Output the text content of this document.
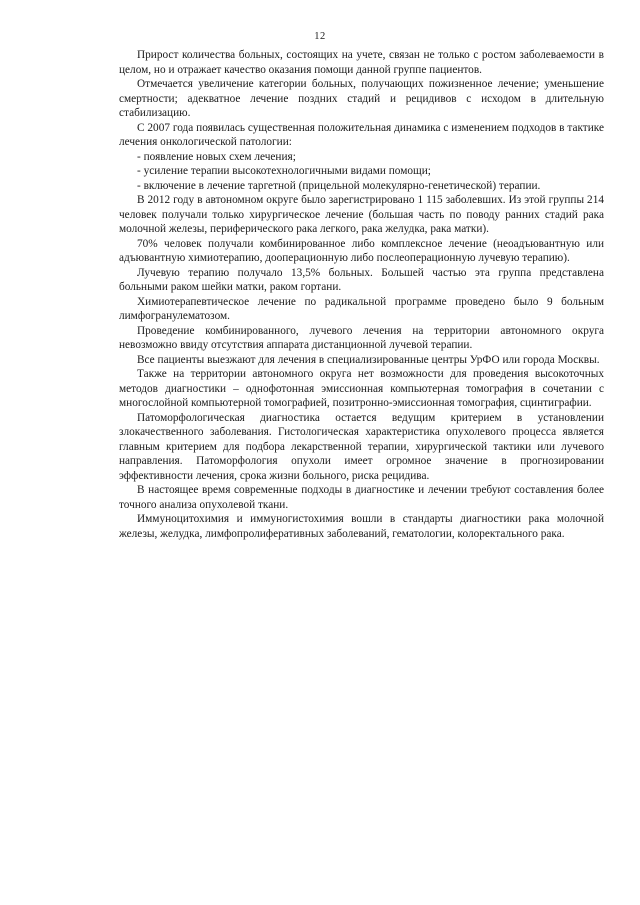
12

Прирост количества больных, состоящих на учете, связан не только с ростом заболеваемости в целом, но и отражает качество оказания помощи данной группе пациентов.

Отмечается увеличение категории больных, получающих пожизненное лечение; уменьшение смертности; адекватное лечение поздних стадий и рецидивов с исходом в длительную стабилизацию.

С 2007 года появилась существенная положительная динамика с изменением подходов в тактике лечения онкологической патологии:

- появление новых схем лечения;

- усиление терапии высокотехнологичными видами помощи;

- включение в лечение таргетной (прицельной молекулярно-генетической) терапии.

В 2012 году в автономном округе было зарегистрировано 1 115 заболевших. Из этой группы 214 человек получали только хирургическое лечение (большая часть по поводу ранних стадий рака молочной железы, периферического рака легкого, рака желудка, рака матки).

70% человек получали комбинированное либо комплексное лечение (неоадъювантную или адъювантную химиотерапию, дооперационную либо послеоперационную лучевую терапию).

Лучевую терапию получало 13,5% больных. Большей частью эта группа представлена больными раком шейки матки, раком гортани.

Химиотерапевтическое лечение по радикальной программе проведено было 9 больным лимфогранулематозом.

Проведение комбинированного, лучевого лечения на территории автономного округа невозможно ввиду отсутствия аппарата дистанционной лучевой терапии.

Все пациенты выезжают для лечения в специализированные центры УрФО или города Москвы.

Также на территории автономного округа нет возможности для проведения высокоточных методов диагностики – однофотонная эмиссионная компьютерная томография в сочетании с многослойной компьютерной томографией, позитронно-эмиссионная томография, сцинтиграфии.

Патоморфологическая диагностика остается ведущим критерием в установлении злокачественного заболевания. Гистологическая характеристика опухолевого процесса является главным критерием для подбора лекарственной терапии, хирургической тактики или лучевого направления. Патоморфология опухоли имеет огромное значение в прогнозировании эффективности лечения, срока жизни больного, риска рецидива.

В настоящее время современные подходы в диагностике и лечении требуют составления более точного анализа опухолевой ткани.

Иммуноцитохимия и иммуногистохимия вошли в стандарты диагностики рака молочной железы, желудка, лимфопролиферативных заболеваний, гематологии, колоректального рака.
